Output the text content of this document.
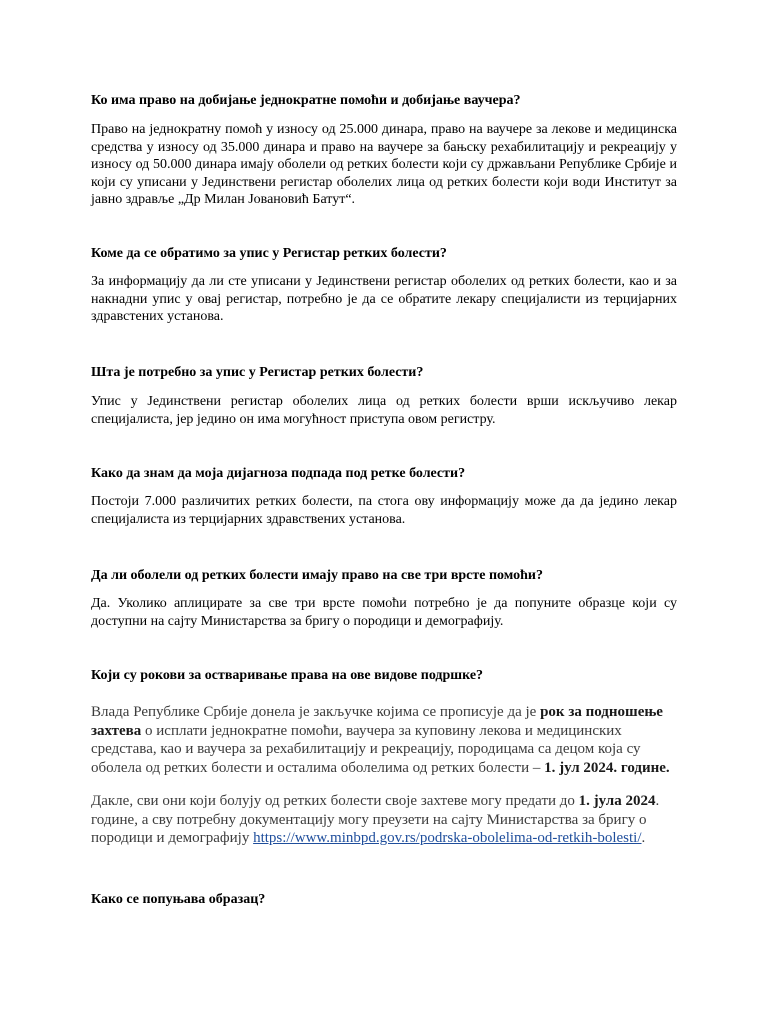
Ко има право на добијање једнократне помоћи и добијање ваучера?
Право на једнократну помоћ у износу од 25.000 динара, право на ваучере за лекове и медицинска средства у износу од 35.000 динара и право на ваучере за бањску рехабилитацију и рекреацију у износу од 50.000 динара имају оболели од ретких болести који су држављани Републике Србије и који су уписани у Јединствени регистар оболелих лица од ретких болести који води Институт за јавно здравље „Др Милан Јовановић Батут“.
Коме да се обратимо за упис у Регистар ретких болести?
За информацију да ли сте уписани у Јединствени регистар оболелих од ретких болести, као и за накнадни упис у овај регистар, потребно је да се обратите лекару специјалисти из терцијарних здравстених установа.
Шта је потребно за упис у Регистар ретких болести?
Упис у Јединствени регистар оболелих лица од ретких болести врши искључиво лекар специјалиста, јер једино он има могућност приступа овом регистру.
Како да знам да моја дијагноза подпада под ретке болести?
Постоји 7.000 различитих ретких болести, па стога ову информацију може да да једино лекар специјалиста из терцијарних здравствених установа.
Да ли оболели од ретких болести имају право на све три врсте помоћи?
Да. Уколико аплицирате за све три врсте помоћи потребно је да попуните образце који су доступни на сајту Министарства за бригу о породици и демографију.
Који су рокови за остваривање права на ове видове подршке?
Влада Републике Србије донела је закључке којима се прописује да је рок за подношење захтева о исплати једнократне помоћи, ваучера за куповину лекова и медицинских средстава, као и ваучера за рехабилитацију и рекреацију, породицама са децом која су оболела од ретких болести и осталима оболелима од ретких болести – 1. јул 2024. године.
Дакле, сви они који болују од ретких болести своје захтеве могу предати до 1. јула 2024. године, а сву потребну документацију могу преузети на сајту Министарства за бригу о породици и демографију https://www.minbpd.gov.rs/podrska-obolelima-od-retkih-bolesti/.
Како се попуњава образац?
